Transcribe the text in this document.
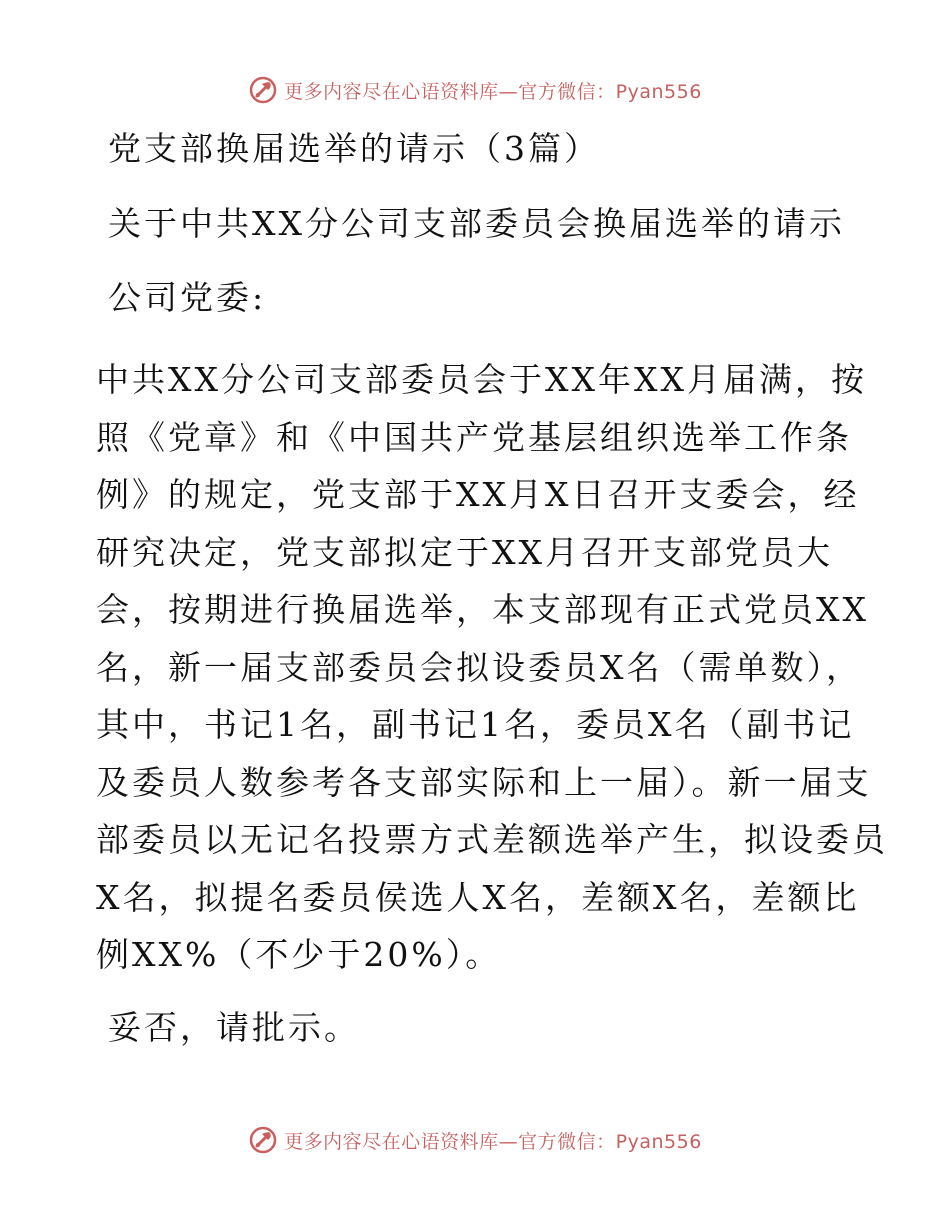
更多内容尽在心语资料库—官方微信：Pyan556
党支部换届选举的请示（3篇）
关于中共XX分公司支部委员会换届选举的请示
公司党委:
中共XX分公司支部委员会于XX年XX月届满，按
照《党章》和《中国共产党基层组织选举工作条
例》的规定，党支部于XX月X日召开支委会，经
研究决定，党支部拟定于XX月召开支部党员大
会，按期进行换届选举，本支部现有正式党员XX
名，新一届支部委员会拟设委员X名（需单数），
其中，书记1名，副书记1名，委员X名（副书记
及委员人数参考各支部实际和上一届）。新一届支
部委员以无记名投票方式差额选举产生，拟设委员
X名，拟提名委员侯选人X名，差额X名，差额比
例XX%（不少于20%）。
妥否，请批示。
更多内容尽在心语资料库—官方微信：Pyan556
